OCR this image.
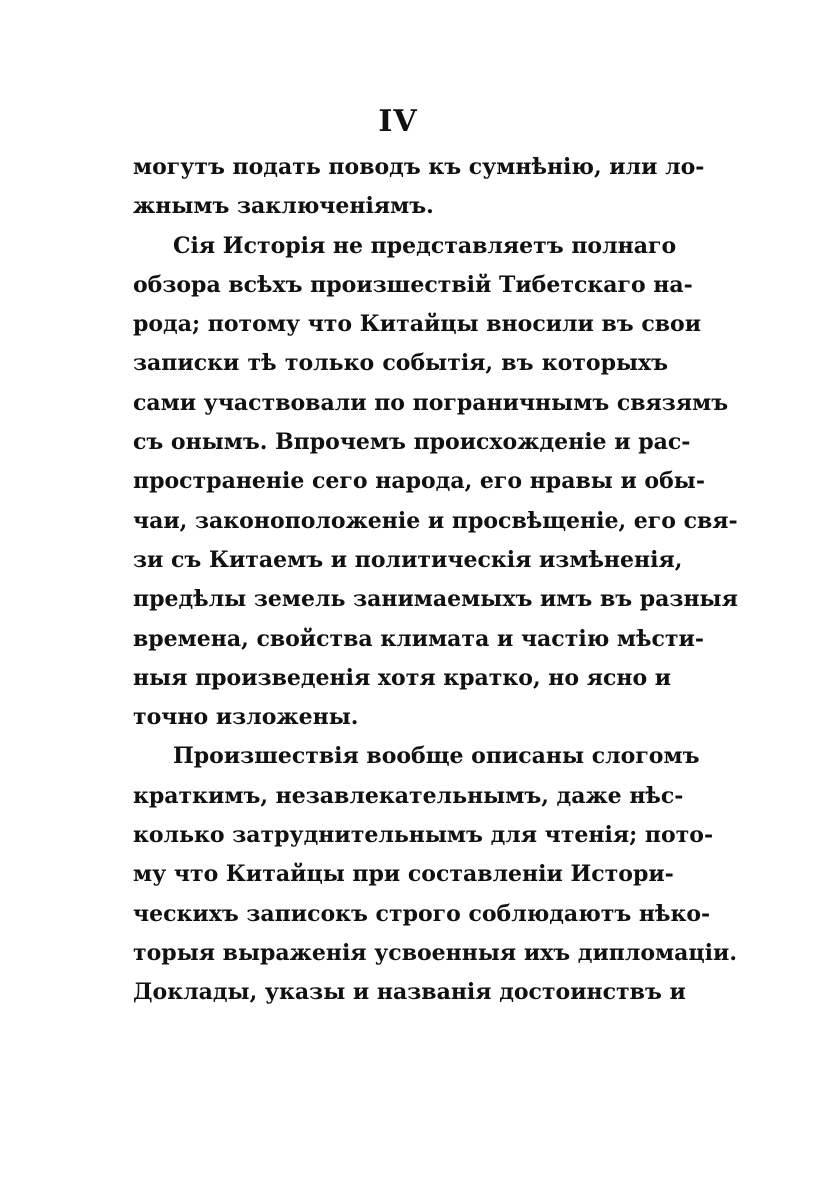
IV
могутъ подать поводъ къ сумнѣнію, или ло-
жнымъ заключеніямъ.
Сія Исторія не представляетъ полнаго
обзора всѣхъ произшествій Тибетскаго на-
рода; потому что Китайцы вносили въ свои
записки тѣ только событія, въ которыхъ
сами участвовали по пограничнымъ связямъ
съ онымъ. Впрочемъ происхожденіе и рас-
пространеніе сего народа, его нравы и обы-
чаи, законоположеніе и просвѣщеніе, его свя-
зи съ Китаемъ и политическія измѣненія,
предѣлы земель занимаемыхъ имъ въ разныя
времена, свойства климата и частію мѣсти-
ныя произведенія хотя кратко, но ясно и
точно изложены.
Произшествія вообще описаны слогомъ
краткимъ, незавлекательнымъ, даже нѣс-
колько затруднительнымъ для чтенія; пото-
му что Китайцы при составленіи Истори-
ческихъ записокъ строго соблюдаютъ нѣко-
торыя выраженія усвоенныя ихъ дипломаціи.
Доклады, указы и названія достоинствъ и
